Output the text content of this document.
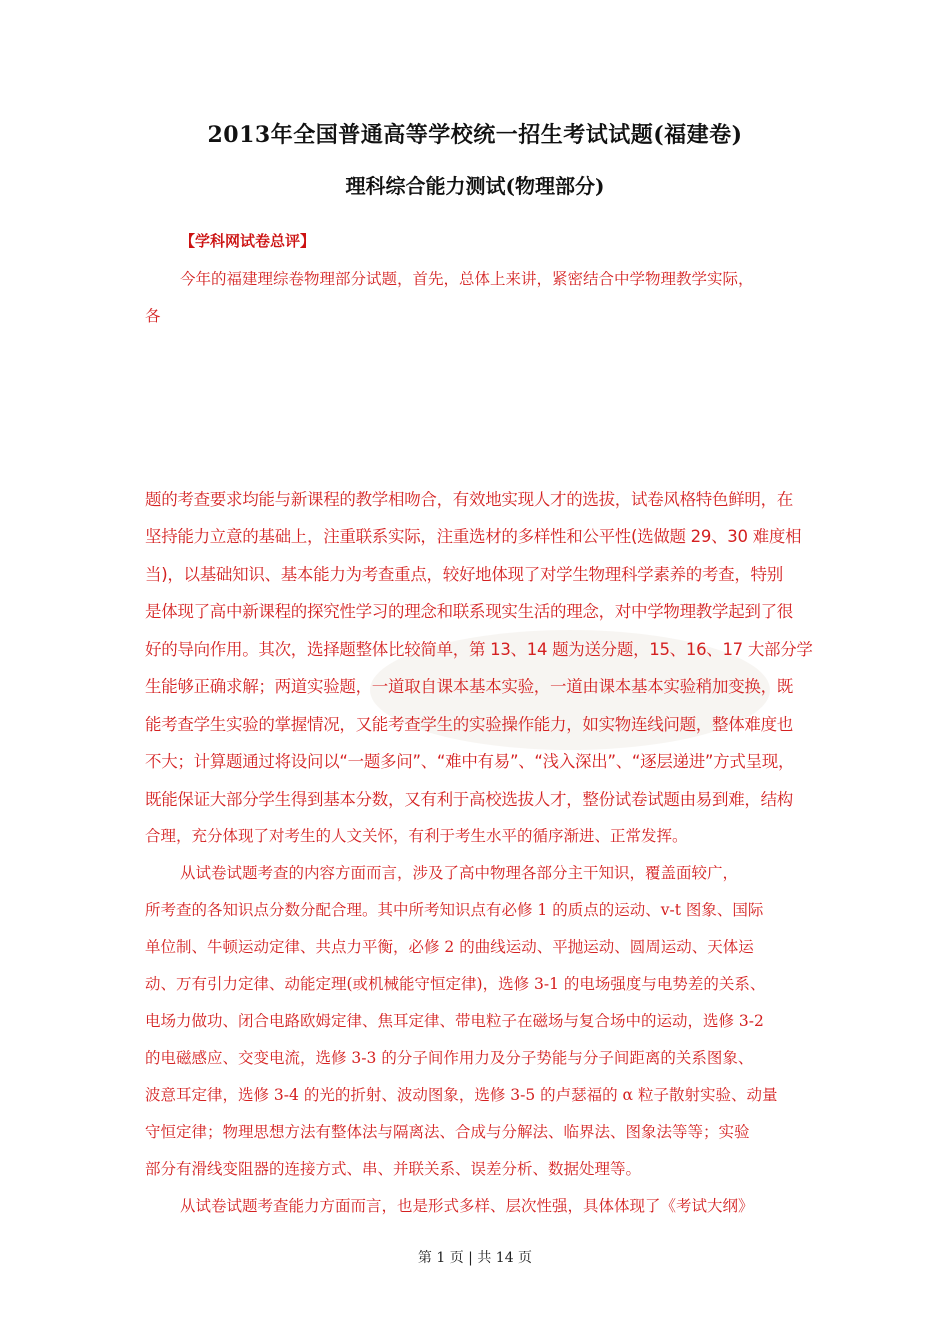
2013年全国普通高等学校统一招生考试试题(福建卷)
理科综合能力测试(物理部分)
【学科网试卷总评】
今年的福建理综卷物理部分试题，首先，总体上来讲，紧密结合中学物理教学实际，
各
题的考查要求均能与新课程的教学相吻合，有效地实现人才的选拔，试卷风格特色鲜明，在
坚持能力立意的基础上，注重联系实际，注重选材的多样性和公平性(选做题 29、30 难度相
当)，以基础知识、基本能力为考查重点，较好地体现了对学生物理科学素养的考查，特别
是体现了高中新课程的探究性学习的理念和联系现实生活的理念，对中学物理教学起到了很
好的导向作用。其次，选择题整体比较简单，第 13、14 题为送分题，15、16、17 大部分学
生能够正确求解；两道实验题，一道取自课本基本实验，一道由课本基本实验稍加变换，既
能考查学生实验的掌握情况，又能考查学生的实验操作能力，如实物连线问题，整体难度也
不大；计算题通过将设问以“一题多问”、“难中有易”、“浅入深出”、“逐层递进”方式呈现，
既能保证大部分学生得到基本分数，又有利于高校选拔人才，整份试卷试题由易到难，结构
合理，充分体现了对考生的人文关怀，有利于考生水平的循序渐进、正常发挥。
从试卷试题考查的内容方面而言，涉及了高中物理各部分主干知识，覆盖面较广，
所考查的各知识点分数分配合理。其中所考知识点有必修 1 的质点的运动、v-t 图象、国际
单位制、牛顿运动定律、共点力平衡，必修 2 的曲线运动、平抛运动、圆周运动、天体运
动、万有引力定律、动能定理(或机械能守恒定律)，选修 3-1 的电场强度与电势差的关系、
电场力做功、闭合电路欧姆定律、焦耳定律、带电粒子在磁场与复合场中的运动，选修 3-2
的电磁感应、交变电流，选修 3-3 的分子间作用力及分子势能与分子间距离的关系图象、
波意耳定律，选修 3-4 的光的折射、波动图象，选修 3-5 的卢瑟福的 α 粒子散射实验、动量
守恒定律；物理思想方法有整体法与隔离法、合成与分解法、临界法、图象法等等；实验
部分有滑线变阻器的连接方式、串、并联关系、误差分析、数据处理等。
从试卷试题考查能力方面而言，也是形式多样、层次性强，具体体现了《考试大纲》
第 1 页 | 共 14 页
